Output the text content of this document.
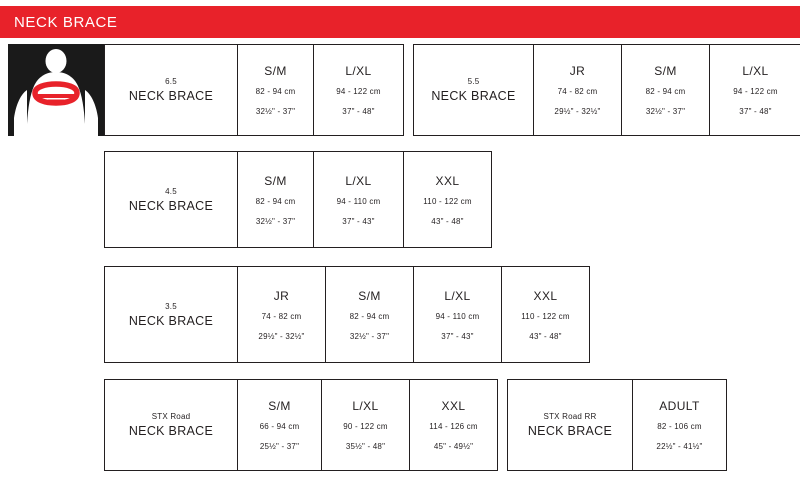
NECK BRACE
6.5
NECK BRACE
S/M
82 - 94 cm
32½" - 37"
L/XL
94 - 122 cm
37" - 48"
5.5
NECK BRACE
JR
74 - 82 cm
29½" - 32½"
S/M
82 - 94 cm
32½" - 37"
L/XL
94 - 122 cm
37" - 48"
4.5
NECK BRACE
S/M
82 - 94 cm
32½" - 37"
L/XL
94 - 110 cm
37" - 43"
XXL
110 - 122 cm
43" - 48"
3.5
NECK BRACE
JR
74 - 82 cm
29½" - 32½"
S/M
82 - 94 cm
32½" - 37"
L/XL
94 - 110 cm
37" - 43"
XXL
110 - 122 cm
43" - 48"
STX Road
NECK BRACE
S/M
66 - 94 cm
25½" - 37"
L/XL
90 - 122 cm
35½" - 48"
XXL
114 - 126 cm
45" - 49½"
STX Road RR
NECK BRACE
ADULT
82 - 106 cm
22½" - 41½"
